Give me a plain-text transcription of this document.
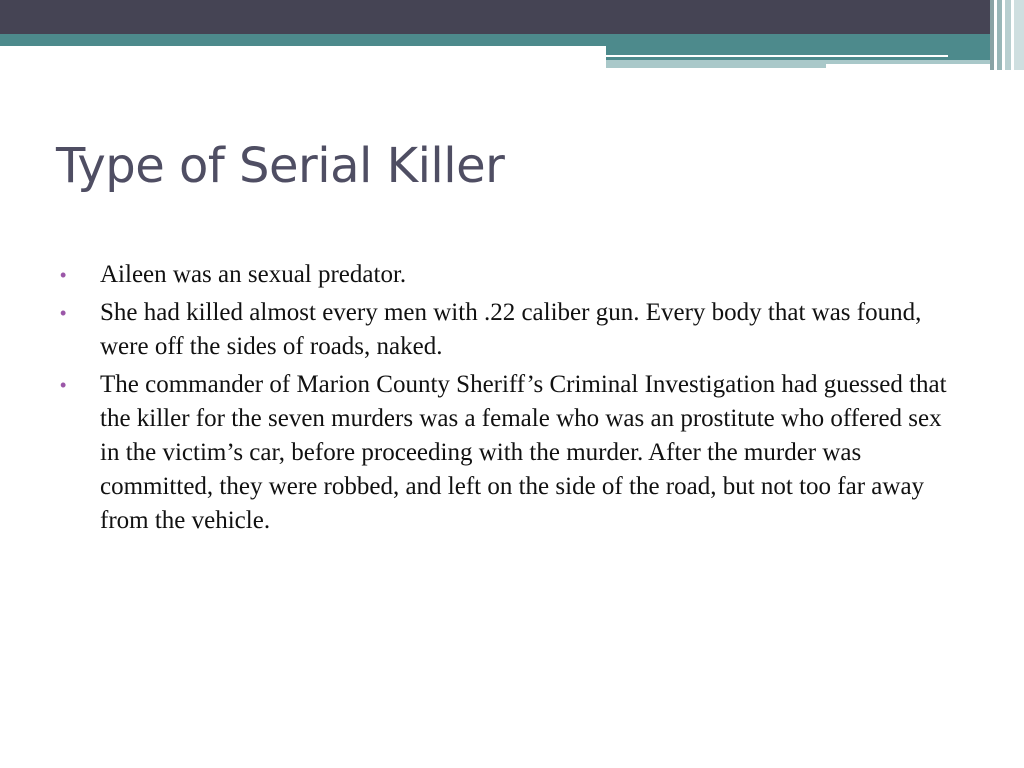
Type of Serial Killer
• Aileen was an sexual predator.
• She had killed almost every men with .22 caliber gun. Every body that was found, were off the sides of roads, naked.
• The commander of Marion County Sheriff’s Criminal Investigation had guessed that the killer for the seven murders was a female who was an prostitute who offered sex in the victim’s car, before proceeding with the murder. After the murder was committed, they were robbed, and left on the side of the road, but not too far away from the vehicle.
